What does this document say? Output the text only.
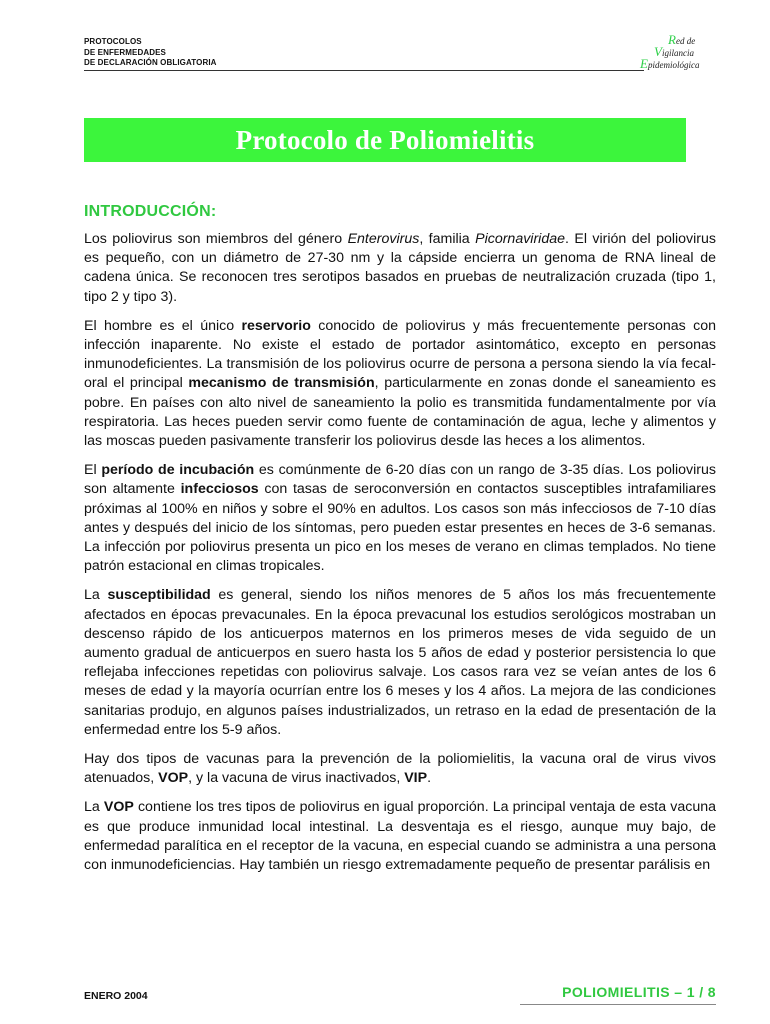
PROTOCOLOS
DE ENFERMEDADES
DE DECLARACIÓN OBLIGATORIA
Red de
Vigilancia
Epidemiológica
Protocolo de Poliomielitis
INTRODUCCIÓN:

Los poliovirus son miembros del género Enterovirus, familia Picornaviridae. El virión del poliovirus es pequeño, con un diámetro de 27-30 nm y la cápside encierra un genoma de RNA lineal de cadena única. Se reconocen tres serotipos basados en pruebas de neutralización cruzada (tipo 1, tipo 2 y tipo 3).

El hombre es el único reservorio conocido de poliovirus y más frecuentemente personas con infección inaparente. No existe el estado de portador asintomático, excepto en personas inmunodeficientes. La transmisión de los poliovirus ocurre de persona a persona siendo la vía fecal-oral el principal mecanismo de transmisión, particularmente en zonas donde el saneamiento es pobre. En países con alto nivel de saneamiento la polio es transmitida fundamentalmente por vía respiratoria. Las heces pueden servir como fuente de contaminación de agua, leche y alimentos y las moscas pueden pasivamente transferir los poliovirus desde las heces a los alimentos.

El período de incubación es comúnmente de 6-20 días con un rango de 3-35 días. Los poliovirus son altamente infecciosos con tasas de seroconversión en contactos susceptibles intrafamiliares próximas al 100% en niños y sobre el 90% en adultos. Los casos son más infecciosos de 7-10 días antes y después del inicio de los síntomas, pero pueden estar presentes en heces de 3-6 semanas. La infección por poliovirus presenta un pico en los meses de verano en climas templados. No tiene patrón estacional en climas tropicales.

La susceptibilidad es general, siendo los niños menores de 5 años los más frecuentemente afectados en épocas prevacunales. En la época prevacunal los estudios serológicos mostraban un descenso rápido de los anticuerpos maternos en los primeros meses de vida seguido de un aumento gradual de anticuerpos en suero hasta los 5 años de edad y posterior persistencia lo que reflejaba infecciones repetidas con poliovirus salvaje. Los casos rara vez se veían antes de los 6 meses de edad y la mayoría ocurrían entre los 6 meses y los 4 años. La mejora de las condiciones sanitarias produjo, en algunos países industrializados, un retraso en la edad de presentación de la enfermedad entre los 5-9 años.

Hay dos tipos de vacunas para la prevención de la poliomielitis, la vacuna oral de virus vivos atenuados, VOP, y la vacuna de virus inactivados, VIP.

La VOP contiene los tres tipos de poliovirus en igual proporción. La principal ventaja de esta vacuna es que produce inmunidad local intestinal. La desventaja es el riesgo, aunque muy bajo, de enfermedad paralítica en el receptor de la vacuna, en especial cuando se administra a una persona con inmunodeficiencias. Hay también un riesgo extremadamente pequeño de presentar parálisis en

ENERO 2004	POLIOMIELITIS – 1 / 8
